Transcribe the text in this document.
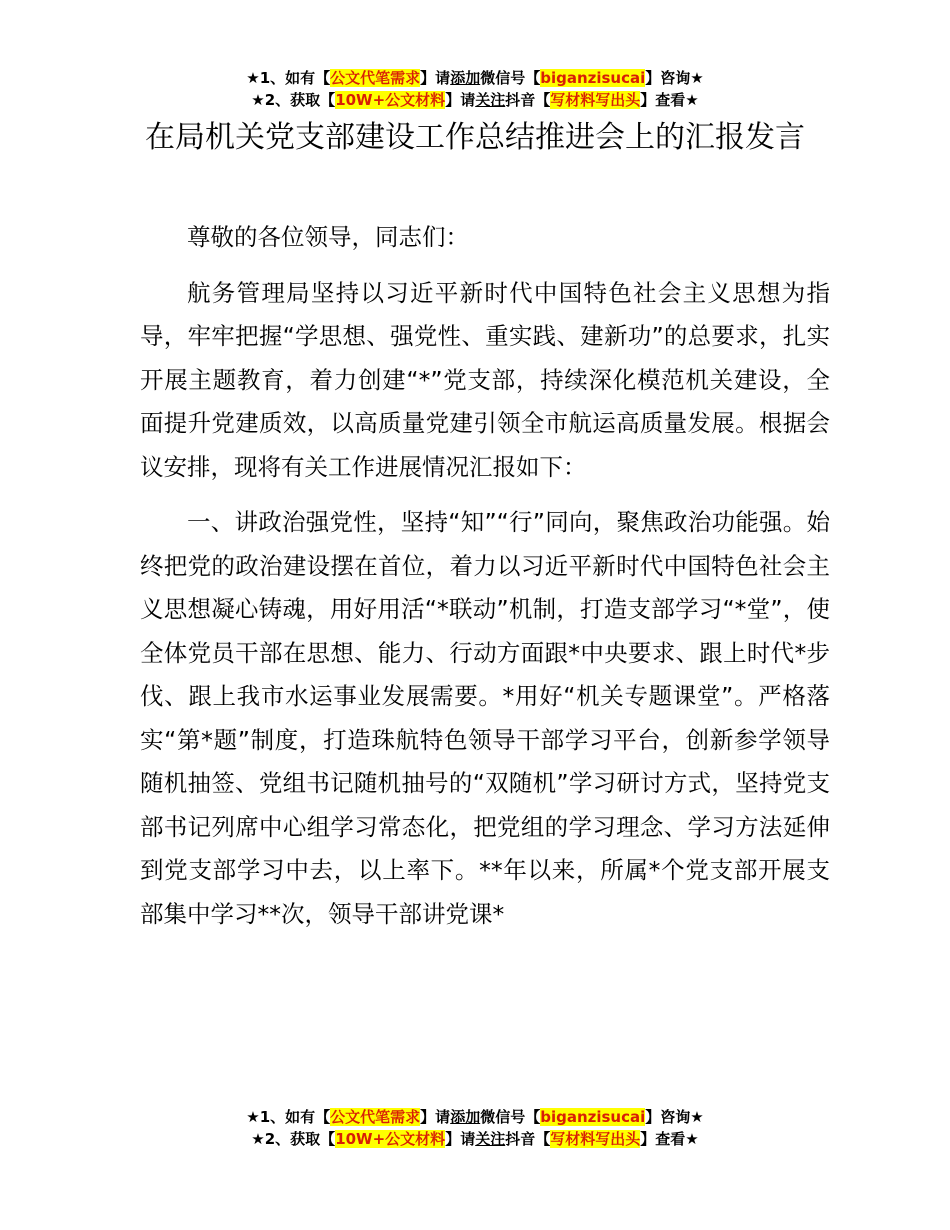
★1、如有【公文代笔需求】请添加微信号【biganzisucai】咨询★
★2、获取【10W+公文材料】请关注抖音【写材料写出头】查看★
在局机关党支部建设工作总结推进会上的汇报发言

尊敬的各位领导，同志们：

航务管理局坚持以习近平新时代中国特色社会主义思想为指导，牢牢把握“学思想、强党性、重实践、建新功”的总要求，扎实开展主题教育，着力创建“*”党支部，持续深化模范机关建设，全面提升党建质效，以高质量党建引领全市航运高质量发展。根据会议安排，现将有关工作进展情况汇报如下：

一、讲政治强党性，坚持“知”“行”同向，聚焦政治功能强。始终把党的政治建设摆在首位，着力以习近平新时代中国特色社会主义思想凝心铸魂，用好用活“*联动”机制，打造支部学习“*堂”，使全体党员干部在思想、能力、行动方面跟*中央要求、跟上时代*步伐、跟上我市水运事业发展需要。*用好“机关专题课堂”。严格落实“第*题”制度，打造珠航特色领导干部学习平台，创新参学领导随机抽签、党组书记随机抽号的“双随机”学习研讨方式，坚持党支部书记列席中心组学习常态化，把党组的学习理念、学习方法延伸到党支部学习中去，以上率下。**年以来，所属*个党支部开展支部集中学习**次，领导干部讲党课*

★1、如有【公文代笔需求】请添加微信号【biganzisucai】咨询★
★2、获取【10W+公文材料】请关注抖音【写材料写出头】查看★
